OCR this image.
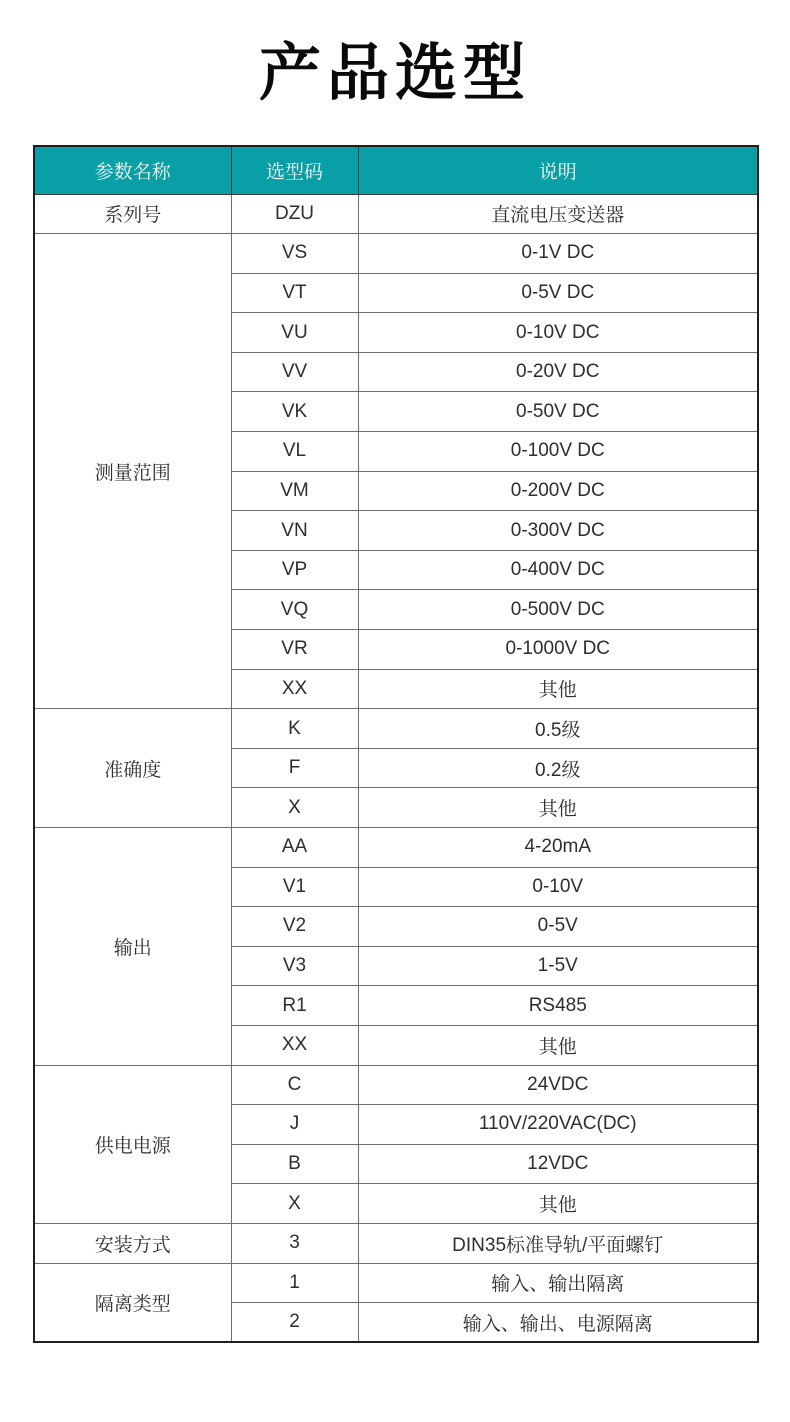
产品选型
参数名称	选型码	说明
系列号	DZU	直流电压变送器
测量范围	VS	0-1V DC
	VT	0-5V DC
	VU	0-10V DC
	VV	0-20V DC
	VK	0-50V DC
	VL	0-100V DC
	VM	0-200V DC
	VN	0-300V DC
	VP	0-400V DC
	VQ	0-500V DC
	VR	0-1000V DC
	XX	其他
准确度	K	0.5级
	F	0.2级
	X	其他
输出	AA	4-20mA
	V1	0-10V
	V2	0-5V
	V3	1-5V
	R1	RS485
	XX	其他
供电电源	C	24VDC
	J	110V/220VAC(DC)
	B	12VDC
	X	其他
安装方式	3	DIN35标准导轨/平面螺钉
隔离类型	1	输入、输出隔离
	2	输入、输出、电源隔离
